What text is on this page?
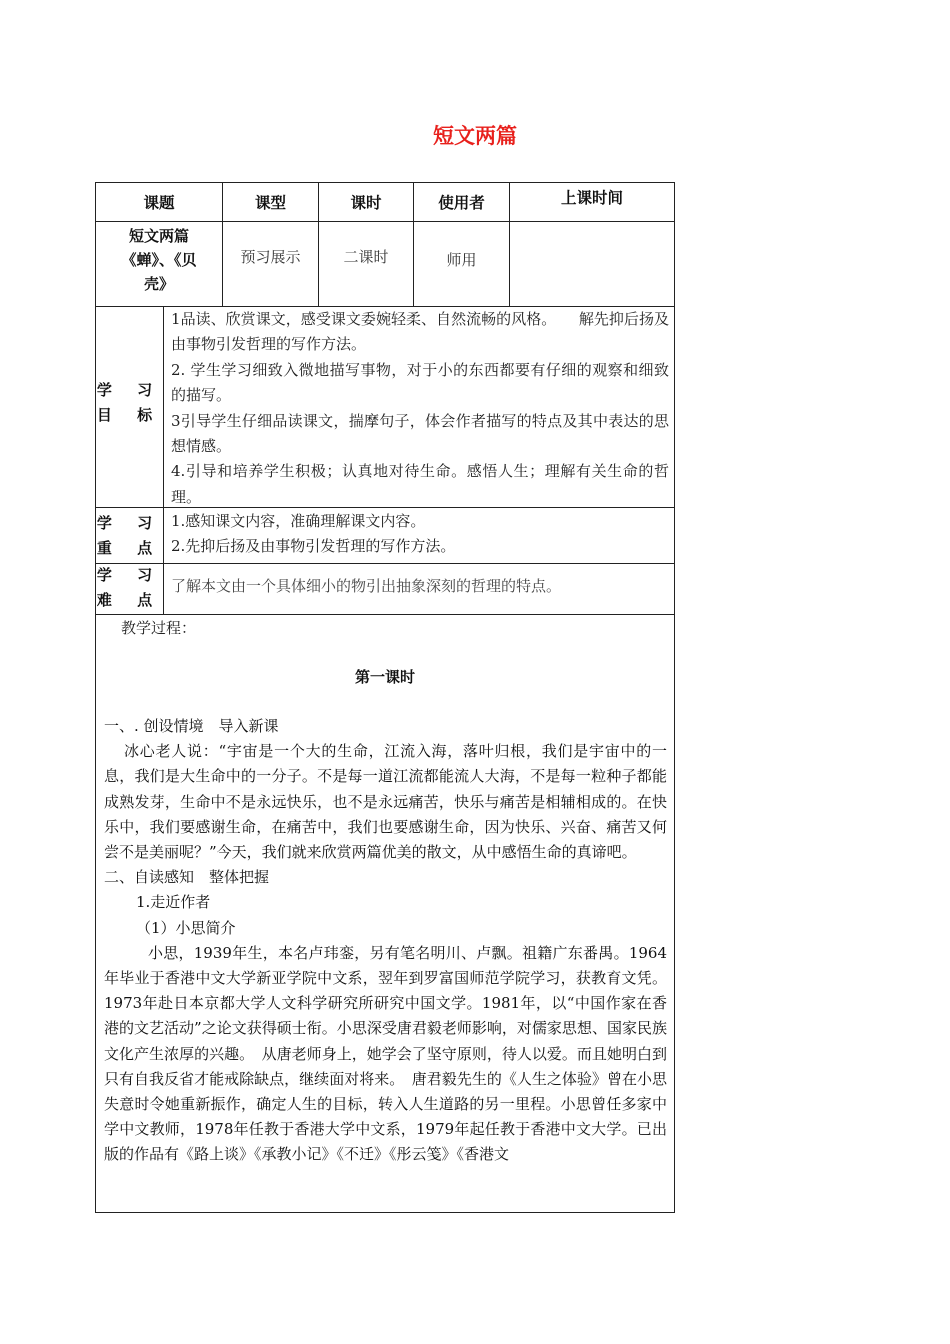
短文两篇
课题	课型	课时	使用者	上课时间
短文两篇
《蝉》、《贝
壳》
预习展示	二课时	师用
学 习
目 标

1品读、欣赏课文，感受课文委婉轻柔、自然流畅的风格。　　解先抑后扬及由事物引发哲理的写作方法。

2. 学生学习细致入微地描写事物，对于小的东西都要有仔细的观察和细致的描写。

3引导学生仔细品读课文，揣摩句子，体会作者描写的特点及其中表达的思想情感。

4.引导和培养学生积极；认真地对待生命。感悟人生；理解有关生命的哲理。

学 习
重 点
1.感知课文内容，准确理解课文内容。
2.先抑后扬及由事物引发哲理的写作方法。
学 习
难 点
了解本文由一个具体细小的物引出抽象深刻的哲理的特点。
教学过程：
第一课时

一、. 创设情境　导入新课

冰心老人说：“宇宙是一个大的生命，江流入海，落叶归根，我们是宇宙中的一息，我们是大生命中的一分子。不是每一道江流都能流人大海，不是每一粒种子都能成熟发芽，生命中不是永远快乐，也不是永远痛苦，快乐与痛苦是相辅相成的。在快乐中，我们要感谢生命，在痛苦中，我们也要感谢生命，因为快乐、兴奋、痛苦又何尝不是美丽呢？”今天，我们就来欣赏两篇优美的散文，从中感悟生命的真谛吧。

二、自读感知　整体把握

1.走近作者

（1）小思简介

小思，1939年生，本名卢玮銮，另有笔名明川、卢飘。祖籍广东番禺。1964年毕业于香港中文大学新亚学院中文系，翌年到罗富国师范学院学习，获教育文凭。1973年赴日本京都大学人文科学研究所研究中国文学。1981年，以“中国作家在香港的文艺活动”之论文获得硕士衔。小思深受唐君毅老师影响，对儒家思想、国家民族文化产生浓厚的兴趣。　从唐老师身上，她学会了坚守原则，待人以爱。而且她明白到只有自我反省才能戒除缺点，继续面对将来。　唐君毅先生的《人生之体验》曾在小思失意时令她重新振作，确定人生的目标，转入人生道路的另一里程。小思曾任多家中学中文教师，1978年任教于香港大学中文系，1979年起任教于香港中文大学。已出版的作品有《路上谈》《承教小记》《不迁》《彤云笺》《香港文
